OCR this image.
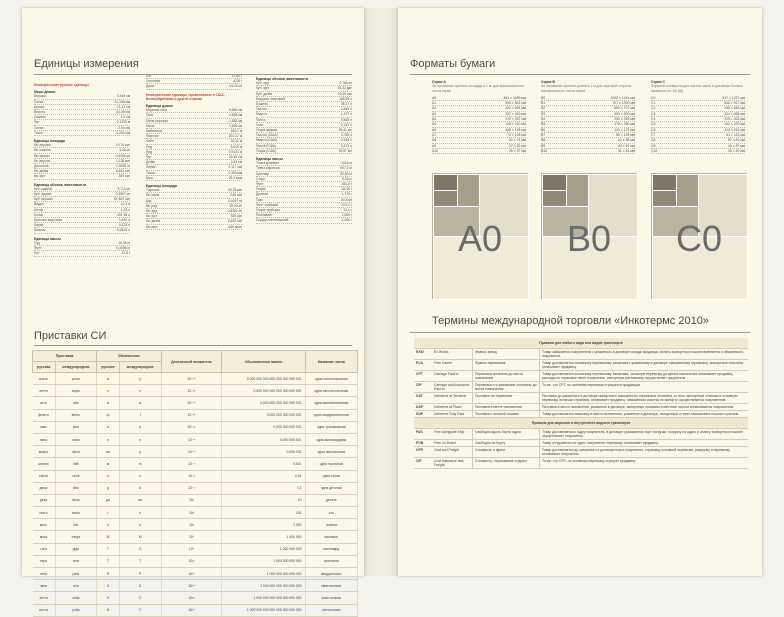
Единицы измерения
Нематрические русские единицы
Меры длины
Вершок	4,445 см
Сотка	21,336 мм
Аршин	71,12 см
Верста	44,45 мм
Сажень	1,6 км
Фут	2,1336 м
Линия	2,54 мм
Точка	0,254 мм
Единицы площади
Кв. вершок	19,76 см²
Кв. сажень	4,55 м²
Кв. аршин	0,5058 м²
Кв. верста	1,138 км²
Десятина	1,0925 га
Кв. дюйм	6,452 см²
Кв. фут	929 см²
Единицы объема, вместимости
Куб. сажень	9,713 м³
Куб. аршин	0,3597 м³
Куб. вершок	87,824 см³
Ведро	12,3 л
Штоф	1,23 л
Бочка	491,96 л
Бутылка водочная	0,615 л
Чарка	0,123 л
Шкалик	0,0615 л
Единицы массы
Пуд	16,38 кг
Фунт	0,4095 кг
Лот	12,8 г
Лот	12,80 г
Золотник	4,26 г
Доля	44,43 мг
Нематрические единицы, применяемые в США, Великобритании и других странах
Единицы длины
Морская лига	5,560 км
Лига	4,828 км
Миля морская	1,852 км
Миля	1,609 км
Кабельтов	185,2 м
Фарлонг	201,17 м
Чейн	20,12 м
Род	5,029 м
Ярд	0,9144 м
Фут	30,48 см
Дюйм	2,54 см
Линия	2,117 мм
Точка	0,353 мм
Мил	25,4 мкм
Единицы площади
Тауншип	93,24 км²
Кв. миля	2,59 км²
Акр	0,4047 га
Кв. род	25,29 м²
Кв. ярд	0,8361 м²
Кв. фут	929 см²
Кв. дюйм	6,452 см²
Кв. мил	645 мкм²
Единицы объема, вместимости
Куб. ярд	0,765 м³
Куб. фут	28,32 дм³
Куб. дюйм	16,39 см³
Баррель нефтяной	158,99 л
Бушель	36,37 л
Галлон	4,546 л
Кварта	1,137 л
Пинта	0,568 л
Гилл	0,142 л
Унция жидкая	28,41 мл
Галлон (США)	3,785 л
Кварта (США)	0,946 л
Пинта (США)	0,473 л
Унция (США)	29,57 мл
Единицы массы
Тонна длинная	1016 кг
Тонна короткая	907,2 кг
Центнер	50,80 кг
Стоун	6,35 кг
Фунт	453,6 г
Унция	28,35 г
Драхма	1,772 г
Гран	64,8 мг
Фунт тройский	373,2 г
Унция тройская	31,1 г
Пеннивейт	1,555 г
Скрупул аптекарский	1,296 г
Приставки СИ
Приставка		Обозначение		Десятичный множитель	Обыкновенная запись	Название числа
русская	международная	русское	международное			
иокто	yocto	и	y	10⁻²⁴	0,000 000 000 000 000 000 000 001	одна септиллионная
зепто	zepto	з	z	10⁻²¹	0,000 000 000 000 000 000 001	одна секстиллионная
атто	atto	а	a	10⁻¹⁸	0,000 000 000 000 000 001	одна квинтиллионная
фемто	femto	ф	f	10⁻¹⁵	0,000 000 000 000 001	одна квадриллионная
пико	pico	п	p	10⁻¹²	0,000 000 000 001	одна триллионная
нано	nano	н	n	10⁻⁹	0,000 000 001	одна миллиардная
микро	micro	мк	µ	10⁻⁶	0,000 001	одна миллионная
милли	milli	м	m	10⁻³	0,001	одна тысячная
санти	centi	с	c	10⁻²	0,01	одна сотая
деци	deci	д	d	10⁻¹	0,1	одна десятая
дека	deca	да	da	10¹	10	десять
гекто	hecto	г	h	10²	100	сто
кило	kilo	к	k	10³	1 000	тысяча
мега	mega	М	M	10⁶	1 000 000	миллион
гига	giga	Г	G	10⁹	1 000 000 000	миллиард
тера	tera	Т	T	10¹²	1 000 000 000 000	триллион
пета	peta	П	P	10¹⁵	1 000 000 000 000 000	квадриллион
экса	exa	Э	E	10¹⁸	1 000 000 000 000 000 000	квинтиллион
зетта	zetta	З	Z	10²¹	1 000 000 000 000 000 000 000	секстиллион
иотта	yotta	И	Y	10²⁴	1 000 000 000 000 000 000 000 000	септиллион
Форматы бумаги
Серия А
За основание принята площадь в 1 м² для максимального листа серии
A0	841 × 1189 мм
A1	594 × 841 мм
A2	420 × 594 мм
A3	297 × 420 мм
A4	210 × 297 мм
A5	148 × 210 мм
A6	105 × 148 мм
A7	74 × 105 мм
A8	52 × 74 мм
A9	37 × 52 мм
A10	26 × 37 мм
Серия B
За основание принята длина в 1 м для короткой стороны максимального листа серии
B0	1000 × 1414 мм
B1	707 × 1000 мм
B2	500 × 707 мм
B3	353 × 500 мм
B4	250 × 353 мм
B5	176 × 250 мм
B6	125 × 176 мм
B7	88 × 125 мм
B8	62 × 88 мм
B9	44 × 62 мм
B10	31 × 44 мм
Серия C
Форматы конвертов для листов серии А (размеры больше примерно на 1/8 [A])
C0	917 × 1297 мм
C1	648 × 917 мм
C2	458 × 648 мм
C3	324 × 458 мм
C4	229 × 324 мм
C5	162 × 229 мм
C6	114 × 162 мм
C7	81 × 114 мм
C8	57 × 81 мм
C9	40 × 57 мм
C10	28 × 40 мм
A0	B0	C0
Термины международной торговли «Инкотермс 2010»
Правила для любого вида или видов транспорта			
EXW	Ex Works	Франко завод	Товар забирается покупателем с указанного в договоре склада продавца, оплата экспортных пошлин вменяется в обязанность покупателя.
FCA	Free Carrier	Франко перевозчик	Товар доставляется основному перевозчику заказчика к указанному в договоре таможенному терминалу, экспортные пошлины уплачивает продавец.
CPT	Carriage Paid to	Перевозка оплачена до места назначения	Товар доставляется основному перевозчику заказчика, основную перевозку до пункта назначения оплачивает продавец, расходы по страховке несет покупатель, импортную растаможку осуществляет покупатель.
CIP	Carriage and Insurance Paid to	Перевозка и страхование оплачены до места назначения	То же, что CPT, но основная перевозка страхуется продавцом.
DAT	Delivered at Terminal	Поставка на терминале	Поставка до указанного в договоре импортного таможенного терминала оплачена, то есть экспортные платежи и основную перевозку, включая страховку, оплачивает продавец, таможенная очистка по импорту осуществляется покупателем.
DAP	Delivered at Place	Поставка в месте назначения	Поставка в место назначения, указанное в договоре, импортные пошлины и местные налоги оплачиваются покупателем.
DDP	Delivered Duty Paid	Поставка с оплатой пошлин	Товар доставляется заказчику в место назначения, указанное в договоре, очищенный от всех таможенных пошлин и рисков.
Правила для морского и внутреннего водного транспорта			
FAS	Free Alongside Ship	Свободно вдоль борта судна	Товар доставляется к судну покупателя, в договоре указывается порт погрузки, погрузку на судно и оплату экспортных пошлин осуществляет покупатель.
FOB	Free on Board	Свободно на борту	Товар отгружается на судно покупателя, перевалку оплачивает продавец.
CFR	Cost and Freight	Стоимость и фрахт	Товар доставляется до указанного в договоре порта покупателя, страховку основной перевозки, разгрузку и перевалку оплачивает покупатель.
CIF	Cost Insurance and Freight	Стоимость, страхование и фрахт	То же, что CFR, но основную перевозку страхует продавец.
